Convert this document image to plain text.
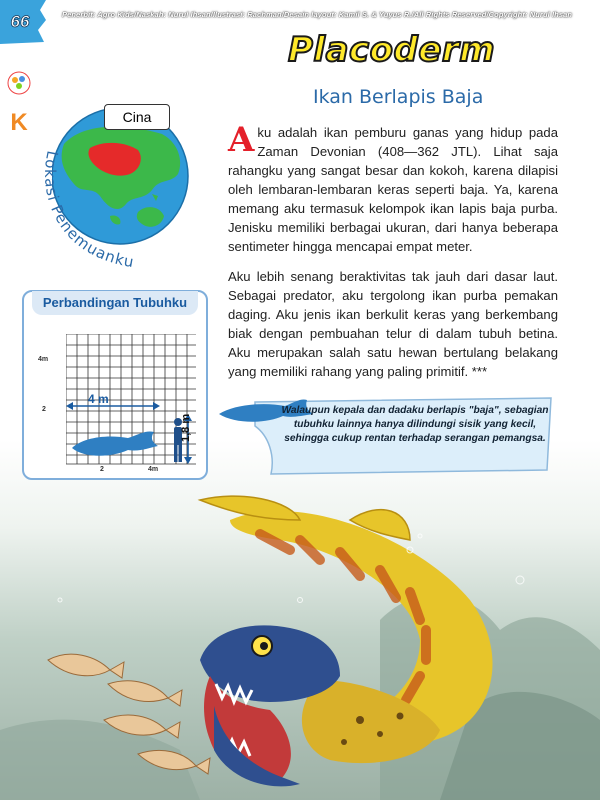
66	Penerbit: Agro Kids/Naskah: Nurul Ihsan/Ilustrasi: Rachman/Desain layout: Kamil S. & Yuyus R./All Rights Reserved/Copyright: Nurul Ihsan
Placoderm
Ikan Berlapis Baja
K	Cina
Lokasi Penemuanku
Aku adalah ikan pemburu ganas yang hidup pada Zaman Devonian (408—362 JTL). Lihat saja rahangku yang sangat besar dan kokoh, karena dilapisi oleh lembaran-lembaran keras seperti baja. Ya, karena memang aku termasuk kelompok ikan lapis baja purba. Jenisku memiliki berbagai ukuran, dari hanya beberapa sentimeter hingga mencapai empat meter.
Aku lebih senang beraktivitas tak jauh dari dasar laut. Sebagai predator, aku tergolong ikan purba pemakan daging. Aku jenis ikan berkulit keras yang berkembang biak dengan pembuahan telur di dalam tubuh betina. Aku merupakan salah satu hewan bertulang belakang yang memiliki rahang yang paling primitif. ***
Perbandingan Tubuhku
4m
2
2	4m
4 m
1,8 m
Walaupun kepala dan dadaku berlapis "baja", sebagian tubuhku lainnya hanya dilindungi sisik yang kecil, sehingga cukup rentan terhadap serangan pemangsa.
